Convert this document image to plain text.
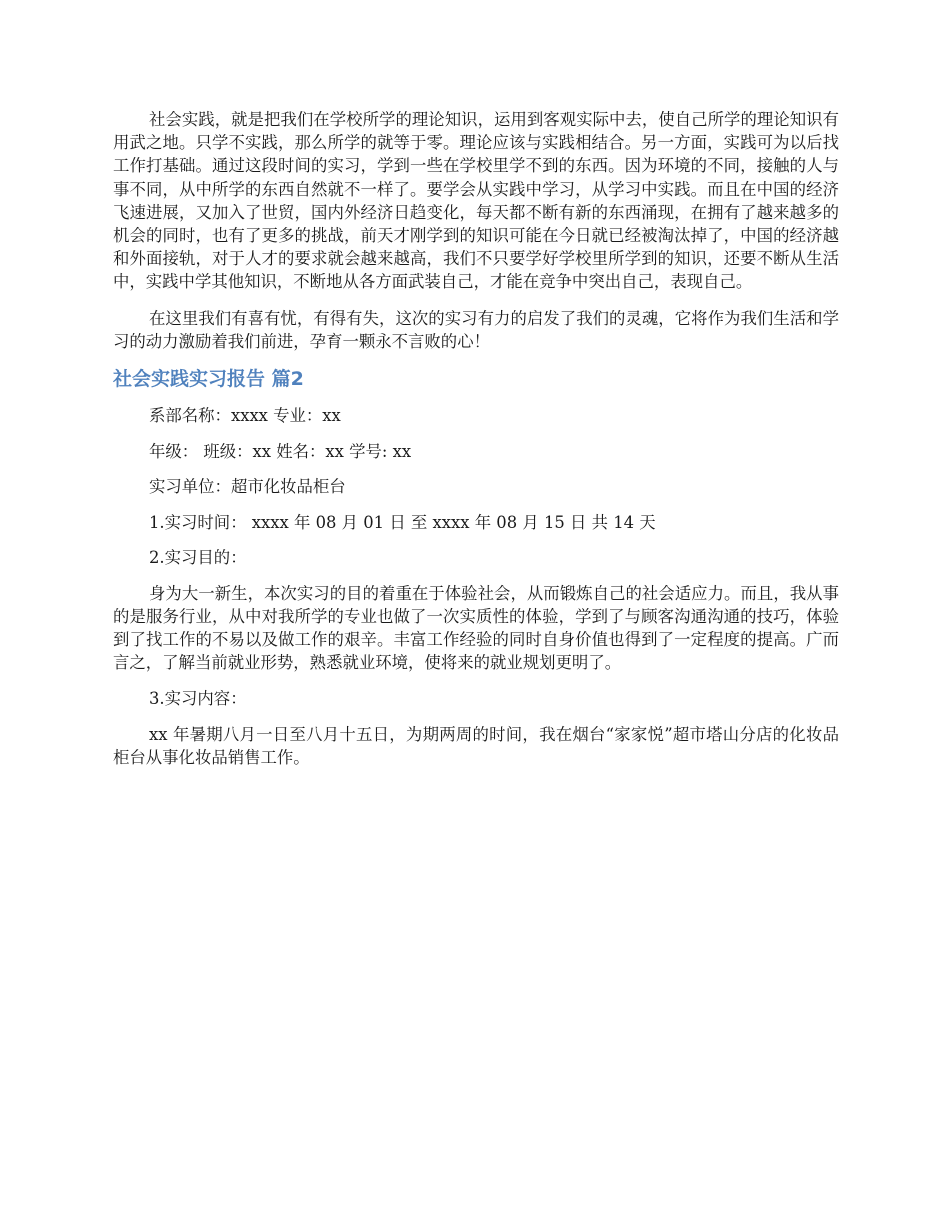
社会实践，就是把我们在学校所学的理论知识，运用到客观实际中去，使自己所学的理论知识有用武之地。只学不实践，那么所学的就等于零。理论应该与实践相结合。另一方面，实践可为以后找工作打基础。通过这段时间的实习，学到一些在学校里学不到的东西。因为环境的不同，接触的人与事不同，从中所学的东西自然就不一样了。要学会从实践中学习，从学习中实践。而且在中国的经济飞速进展，又加入了世贸，国内外经济日趋变化，每天都不断有新的东西涌现，在拥有了越来越多的机会的同时，也有了更多的挑战，前天才刚学到的知识可能在今日就已经被淘汰掉了，中国的经济越和外面接轨，对于人才的要求就会越来越高，我们不只要学好学校里所学到的知识，还要不断从生活中，实践中学其他知识，不断地从各方面武装自己，才能在竞争中突出自己，表现自己。

在这里我们有喜有忧，有得有失，这次的实习有力的启发了我们的灵魂，它将作为我们生活和学习的动力激励着我们前进，孕育一颗永不言败的心！

社会实践实习报告 篇2

系部名称：xxxx 专业：xx

年级： 班级：xx 姓名：xx 学号: xx

实习单位：超市化妆品柜台

1.实习时间： xxxx 年 08 月 01 日 至 xxxx 年 08 月 15 日 共 14 天

2.实习目的：

身为大一新生，本次实习的目的着重在于体验社会，从而锻炼自己的社会适应力。而且，我从事的是服务行业，从中对我所学的专业也做了一次实质性的体验，学到了与顾客沟通沟通的技巧，体验到了找工作的不易以及做工作的艰辛。丰富工作经验的同时自身价值也得到了一定程度的提高。广而言之，了解当前就业形势，熟悉就业环境，使将来的就业规划更明了。

3.实习内容：

xx 年暑期八月一日至八月十五日，为期两周的时间，我在烟台“家家悦”超市塔山分店的化妆品柜台从事化妆品销售工作。
